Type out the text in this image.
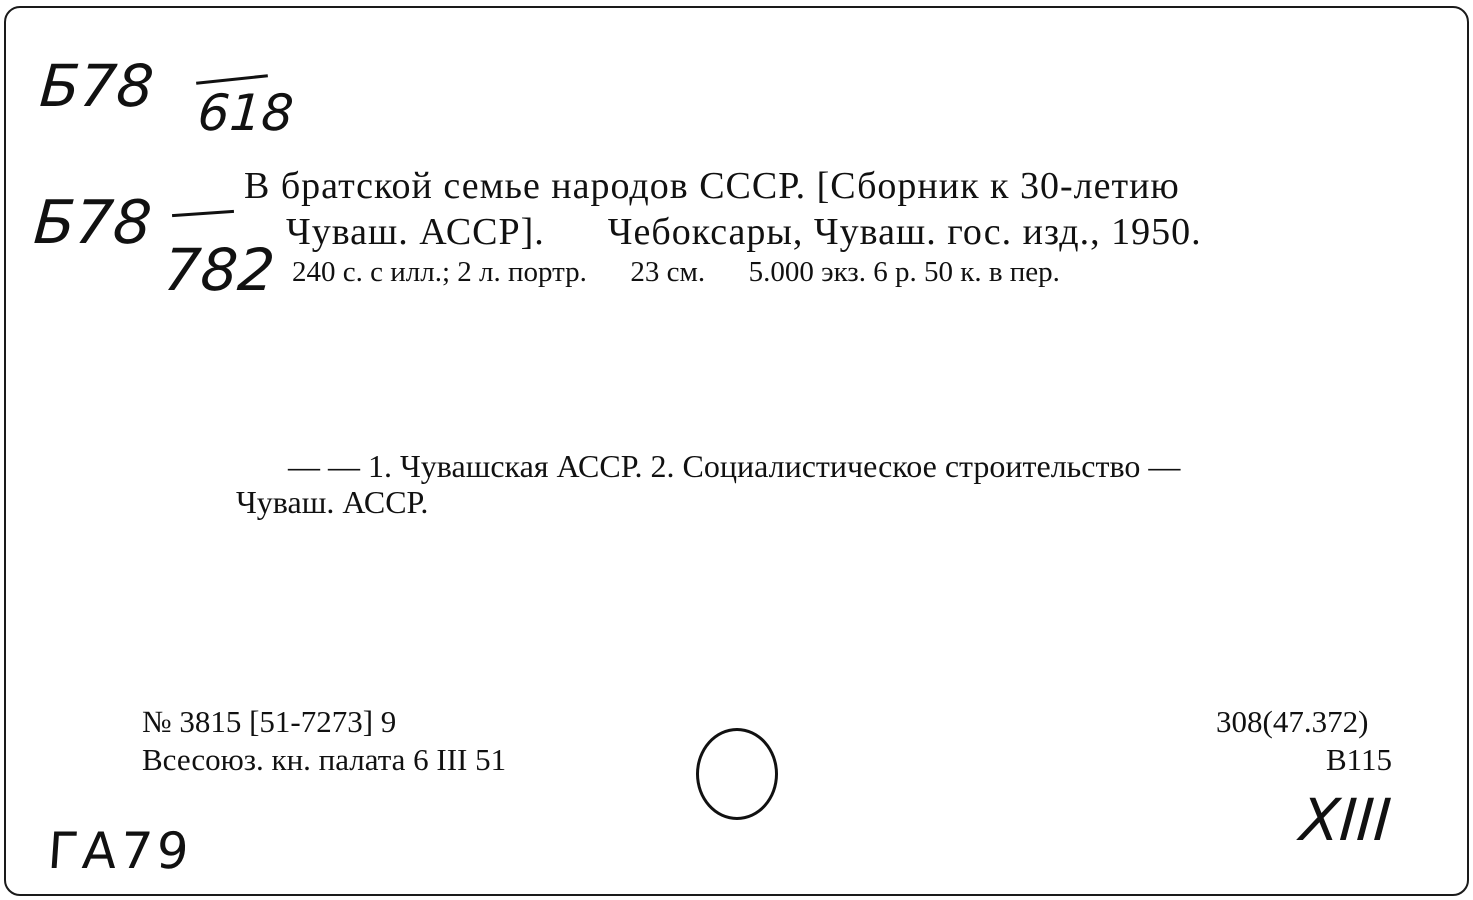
Б78 618
Б78
782
В братской семье народов СССР. [Сборник к 30-летию
Чуваш. АССР].      Чебоксары, Чуваш. гос. изд., 1950.
240 с. с илл.; 2 л. портр.      23 см.      5.000 экз. 6 р. 50 к. в пер.
— — 1. Чувашская АССР. 2. Социалистическое строительство —
Чуваш. АССР.
№ 3815 [51-7273] 9
Всесоюз. кн. палата 6 III 51
308(47.372)
В115
ГА79	XIII
